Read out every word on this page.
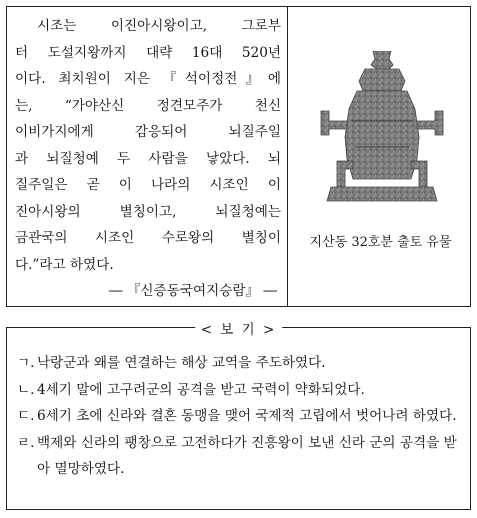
시조는 이진아시왕이고, 그로부
터 도설지왕까지 대략 16대 520년
이다. 최치원이 지은 『석이정전』에
는, “가야산신 정견모주가 천신
이비가지에게 감응되어 뇌질주일
과 뇌질청예 두 사람을 낳았다. 뇌
질주일은 곧 이 나라의 시조인 이
진아시왕의 별칭이고, 뇌질청예는
금관국의 시조인 수로왕의 별칭이
다.”라고 하였다.
― 『신증동국여지승람』 ―
지산동 32호분 출토 유물
< 보 기 >
ㄱ. 낙랑군과 왜를 연결하는 해상 교역을 주도하였다.
ㄴ. 4세기 말에 고구려군의 공격을 받고 국력이 약화되었다.
ㄷ. 6세기 초에 신라와 결혼 동맹을 맺어 국제적 고립에서 벗어나려 하였다.
ㄹ. 백제와 신라의 팽창으로 고전하다가 진흥왕이 보낸 신라 군의 공격을 받아 멸망하였다.
